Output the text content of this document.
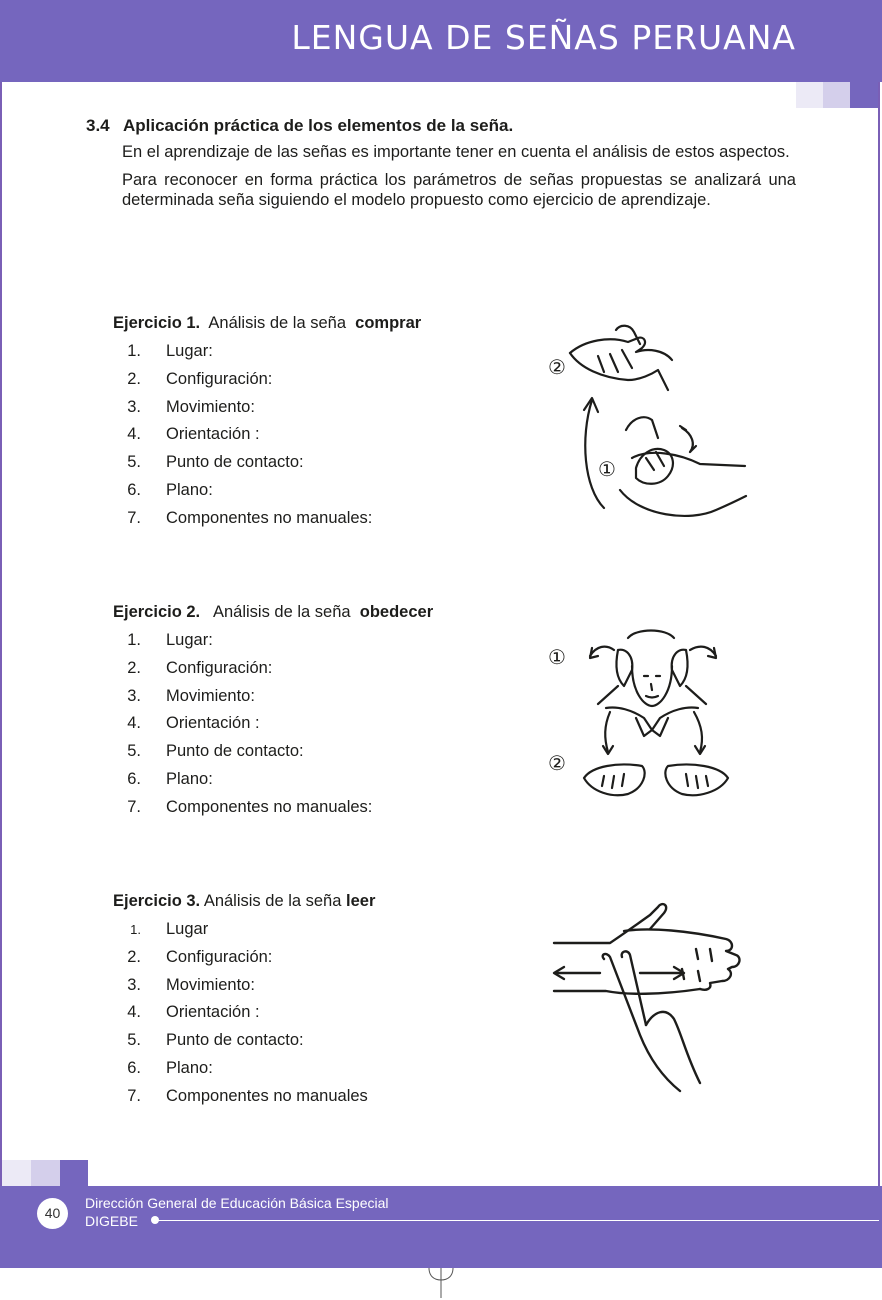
LENGUA DE SEÑAS PERUANA

3.4 Aplicación práctica de los elementos de la seña.

En el aprendizaje de las señas es importante tener en cuenta el análisis de estos aspectos.

Para reconocer en forma práctica los parámetros de señas propuestas se analizará una determinada seña siguiendo el modelo propuesto como ejercicio de aprendizaje.

Ejercicio 1. Análisis de la seña comprar

1. Lugar:
2. Configuración:
3. Movimiento:
4. Orientación :
5. Punto de contacto:
6. Plano:
7. Componentes no manuales:
②
①

Ejercicio 2. Análisis de la seña obedecer

1. Lugar:
2. Configuración:
3. Movimiento:
4. Orientación :
5. Punto de contacto:
6. Plano:
7. Componentes no manuales:
①
②

Ejercicio 3. Análisis de la seña leer

1. Lugar
2. Configuración:
3. Movimiento:
4. Orientación :
5. Punto de contacto:
6. Plano:
7. Componentes no manuales
40
Dirección General de Educación Básica Especial
DIGEBE
